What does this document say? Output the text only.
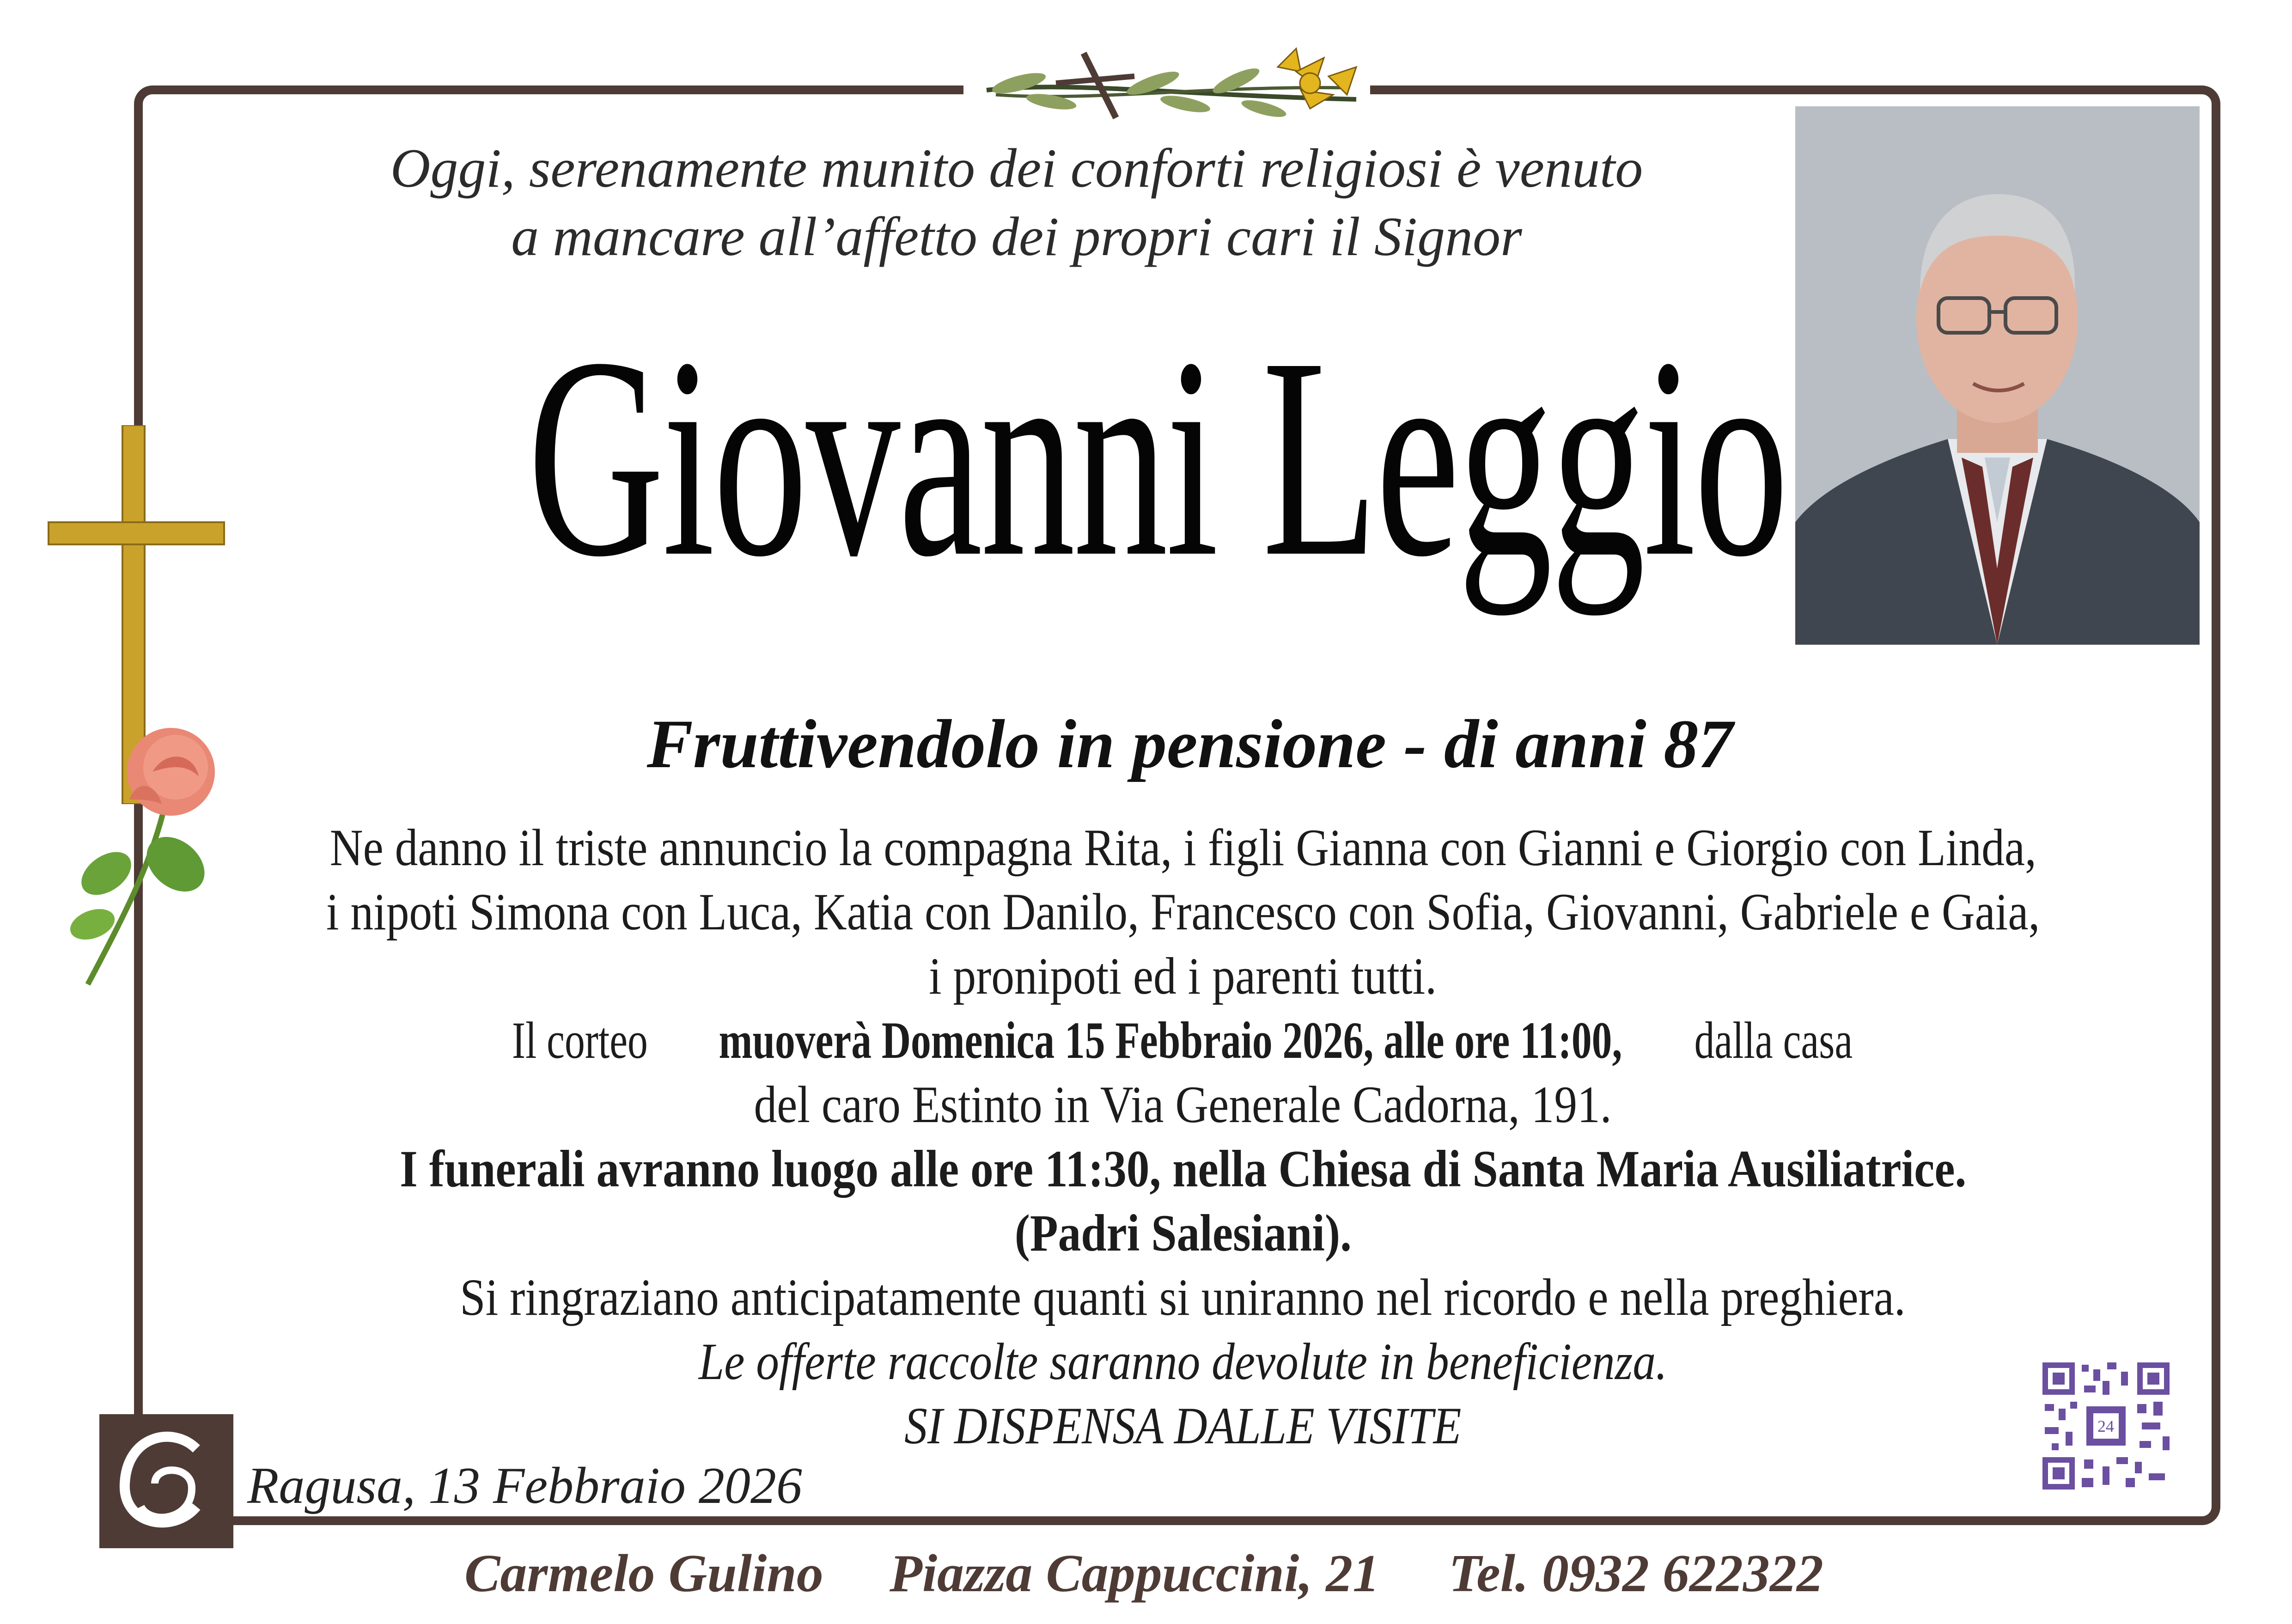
Oggi, serenamente munito dei conforti religiosi è venuto
a mancare all’affetto dei propri cari il Signor
Giovanni Leggio
Fruttivendolo in pensione - di anni 87
Ne danno il triste annuncio la compagna Rita, i figli Gianna con Gianni e Giorgio con Linda,
i nipoti Simona con Luca, Katia con Danilo, Francesco con Sofia, Giovanni, Gabriele e Gaia,
i pronipoti ed i parenti tutti.
Il corteomuoverà Domenica 15 Febbraio 2026, alle ore 11:00,dalla casa
del caro Estinto in Via Generale Cadorna, 191.
I funerali avranno luogo alle ore 11:30, nella Chiesa di Santa Maria Ausiliatrice.
(Padri Salesiani).
Si ringraziano anticipatamente quanti si uniranno nel ricordo e nella preghiera.
Le offerte raccolte saranno devolute in beneficienza.
SI DISPENSA DALLE VISITE
Ragusa, 13 Febbraio 2026
24
Carmelo Gulino Piazza Cappuccini, 21 Tel. 0932 622322
